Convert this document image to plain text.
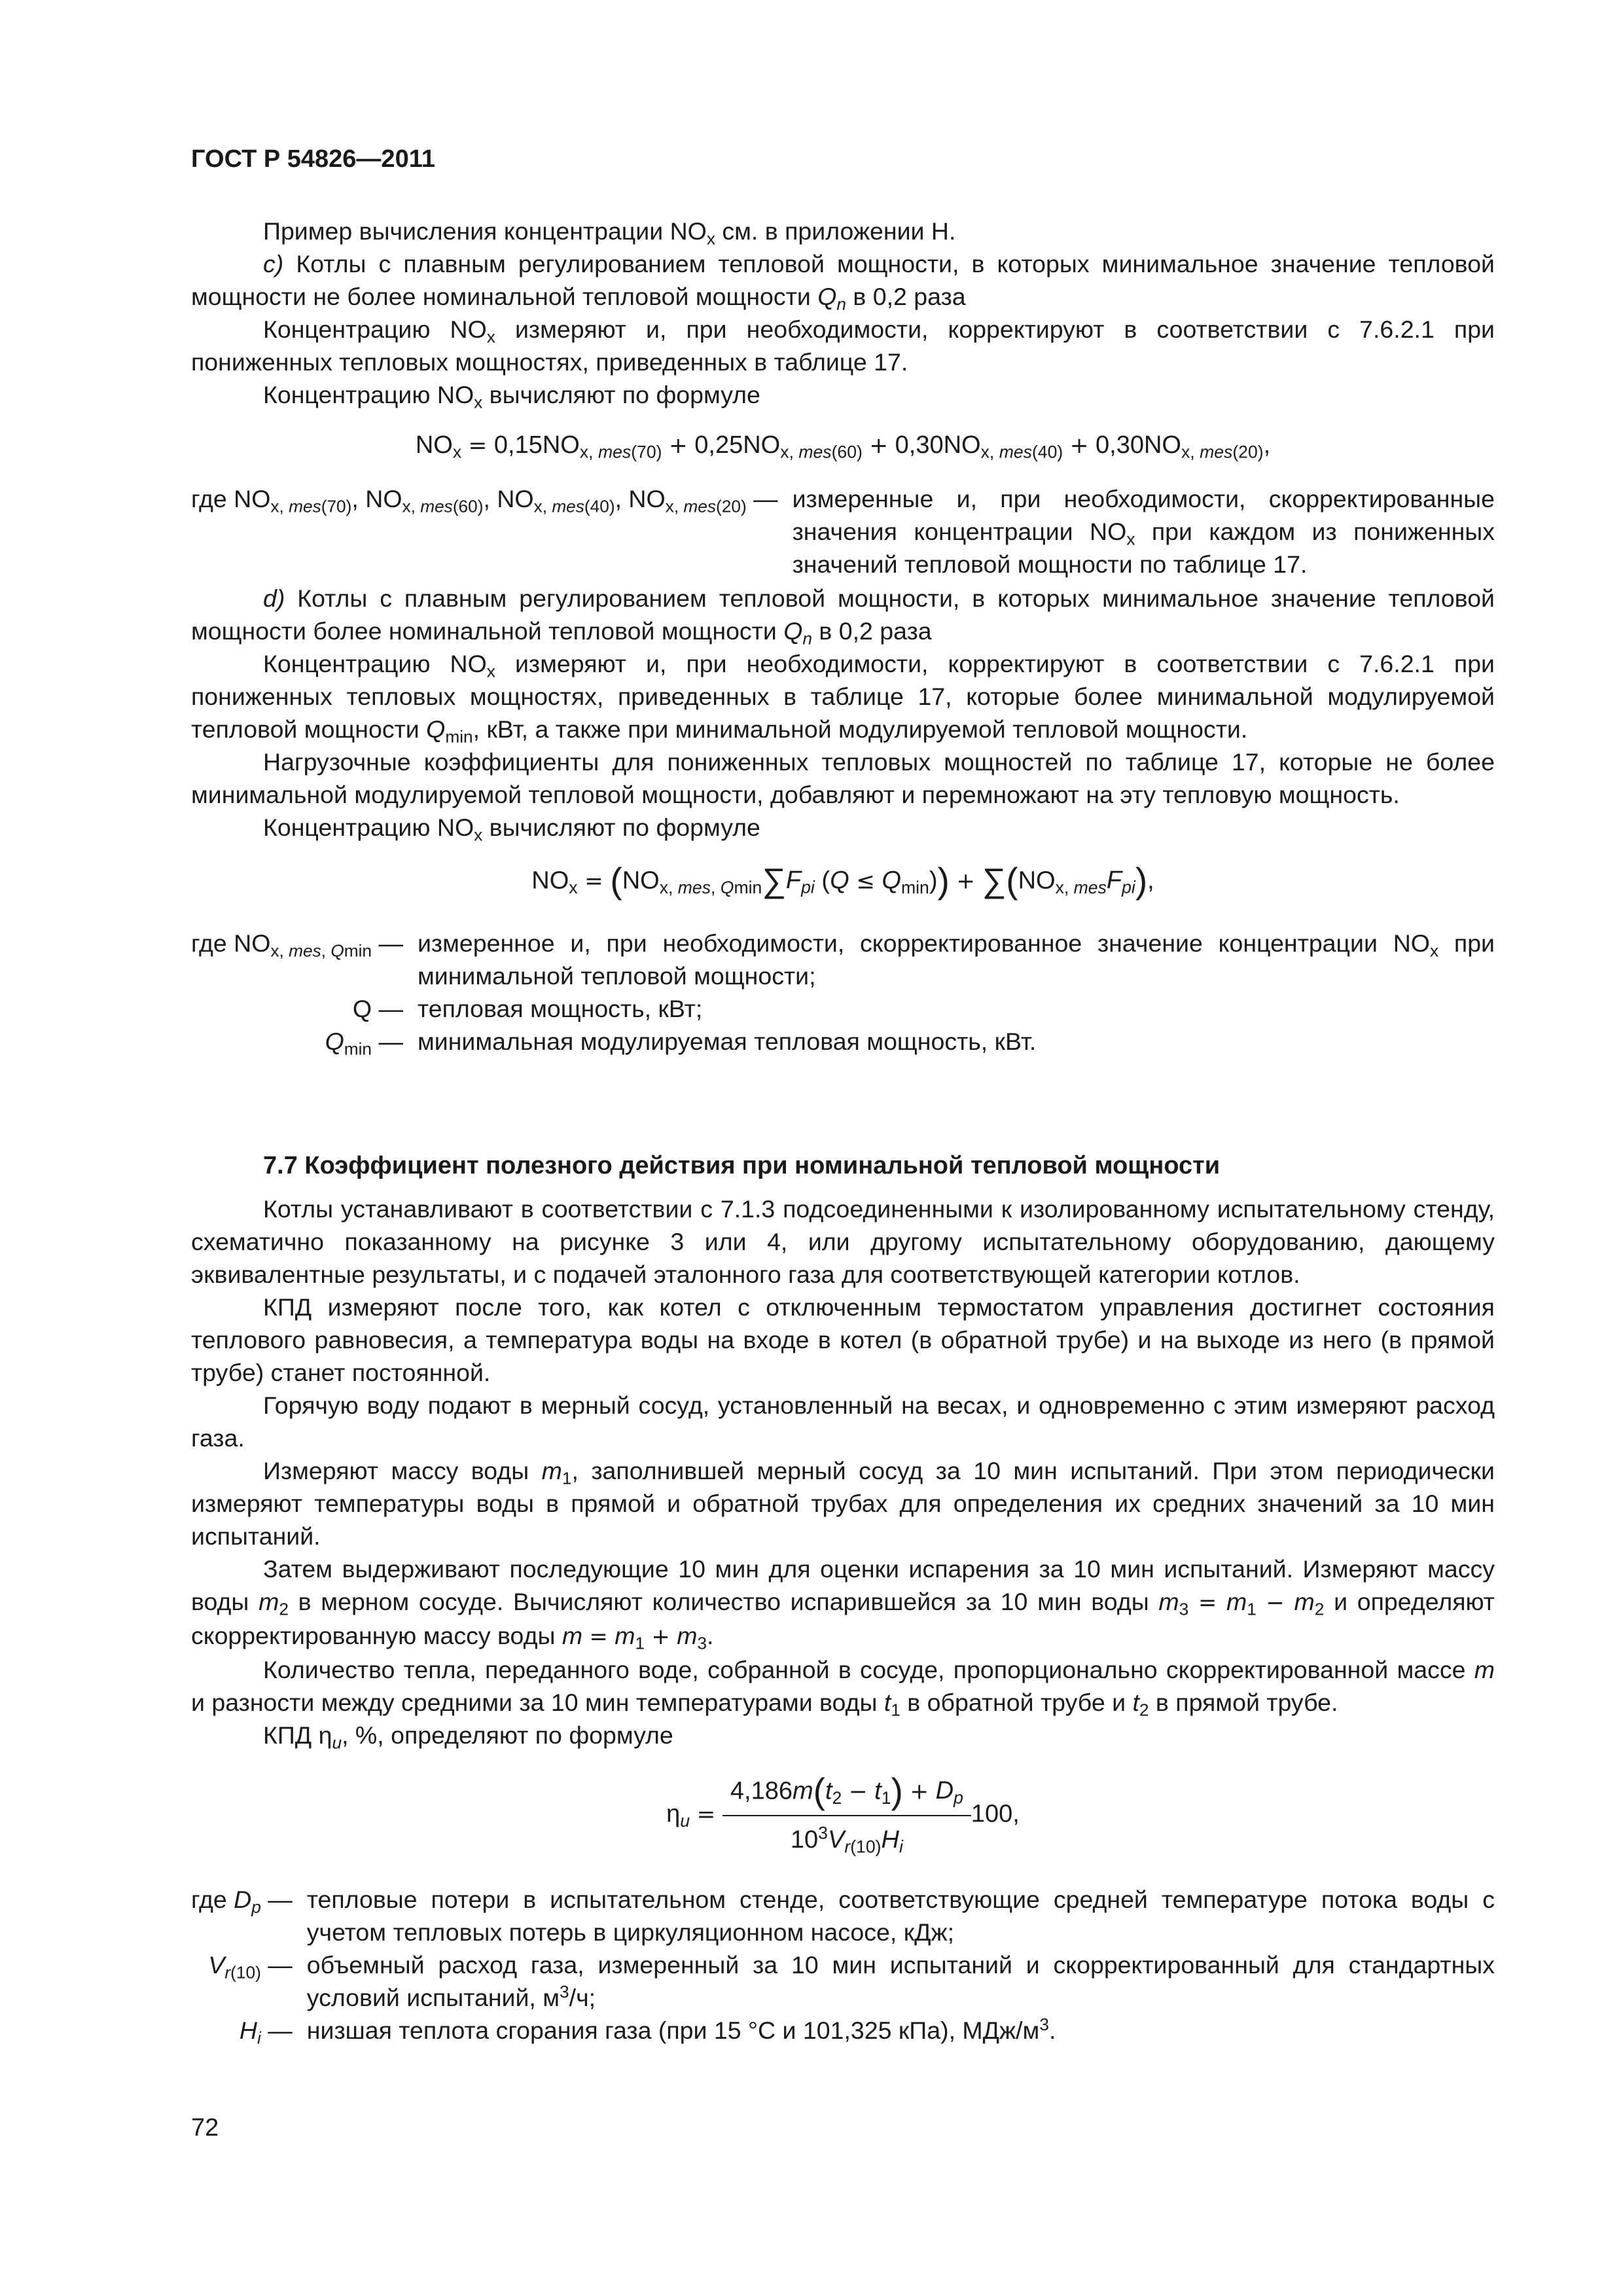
ГОСТ Р 54826—2011

Пример вычисления концентрации $NO_x$ см. в приложении Н.

с) Котлы с плавным регулированием тепловой мощности, в которых минимальное значение тепловой мощности не более номинальной тепловой мощности $Q_n$ в 0,2 раза

Концентрацию $NO_x$ измеряют и, при необходимости, корректируют в соответствии с 7.6.2.1 при пониженных тепловых мощностях, приведенных в таблице 17.

Концентрацию $NO_x$ вычисляют по формуле

$NO_x = 0,15NO_{x, mes(70)} + 0,25NO_{x, mes(60)} + 0,30NO_{x, mes(40)} + 0,30NO_{x, mes(20)}$,

где $NO_{x, mes(70)}$, $NO_{x, mes(60)}$, $NO_{x, mes(40)}$, $NO_{x, mes(20)}$ — измеренные и, при необходимости, скорректированные значения концентрации $NO_x$ при каждом из пониженных значений тепловой мощности по таблице 17.

d) Котлы с плавным регулированием тепловой мощности, в которых минимальное значение тепловой мощности более номинальной тепловой мощности $Q_n$ в 0,2 раза

Концентрацию $NO_x$ измеряют и, при необходимости, корректируют в соответствии с 7.6.2.1 при пониженных тепловых мощностях, приведенных в таблице 17, которые более минимальной модулируемой тепловой мощности $Q_{min}$, кВт, а также при минимальной модулируемой тепловой мощности.

Нагрузочные коэффициенты для пониженных тепловых мощностей по таблице 17, которые не более минимальной модулируемой тепловой мощности, добавляют и перемножают на эту тепловую мощность.

Концентрацию $NO_x$ вычисляют по формуле

$NO_x = (NO_{x, mes, Qmin}\sum F_{pi}$ $(Q \le Q_{min})) + \sum(NO_{x, mes}F_{pi})$,

где $NO_{x, mes, Qmin}$ — измеренное и, при необходимости, скорректированное значение концентрации $NO_x$ при минимальной тепловой мощности;
Q — тепловая мощность, кВт;
$Q_{min}$ — минимальная модулируемая тепловая мощность, кВт.

7.7 Коэффициент полезного действия при номинальной тепловой мощности

Котлы устанавливают в соответствии с 7.1.3 подсоединенными к изолированному испытательному стенду, схематично показанному на рисунке 3 или 4, или другому испытательному оборудованию, дающему эквивалентные результаты, и с подачей эталонного газа для соответствующей категории котлов.

КПД измеряют после того, как котел с отключенным термостатом управления достигнет состояния теплового равновесия, а температура воды на входе в котел (в обратной трубе) и на выходе из него (в прямой трубе) станет постоянной.

Горячую воду подают в мерный сосуд, установленный на весах, и одновременно с этим измеряют расход газа.

Измеряют массу воды $m_1$, заполнившей мерный сосуд за 10 мин испытаний. При этом периодически измеряют температуры воды в прямой и обратной трубах для определения их средних значений за 10 мин испытаний.

Затем выдерживают последующие 10 мин для оценки испарения за 10 мин испытаний. Измеряют массу воды $m_2$ в мерном сосуде. Вычисляют количество испарившейся за 10 мин воды $m_3 = m_1 - m_2$ и определяют скорректированную массу воды $m = m_1 + m_3$.

Количество тепла, переданного воде, собранной в сосуде, пропорционально скорректированной массе m и разности между средними за 10 мин температурами воды $t_1$ в обратной трубе и $t_2$ в прямой трубе.

КПД $\eta_u$, %, определяют по формуле

$\eta_u = \frac{4,186m(t_2 - t_1) + D_p}{10^3V_{r(10)}H_i} 100$,
где $D_p$ — тепловые потери в испытательном стенде, соответствующие средней температуре потока воды с учетом тепловых потерь в циркуляционном насосе, кДж;
$V_{r(10)}$ — объемный расход газа, измеренный за 10 мин испытаний и скорректированный для стандартных условий испытаний, $м^3/ч$;
$H_i$ — низшая теплота сгорания газа (при 15 °С и 101,325 кПа), МДж/$м^3$.

72
